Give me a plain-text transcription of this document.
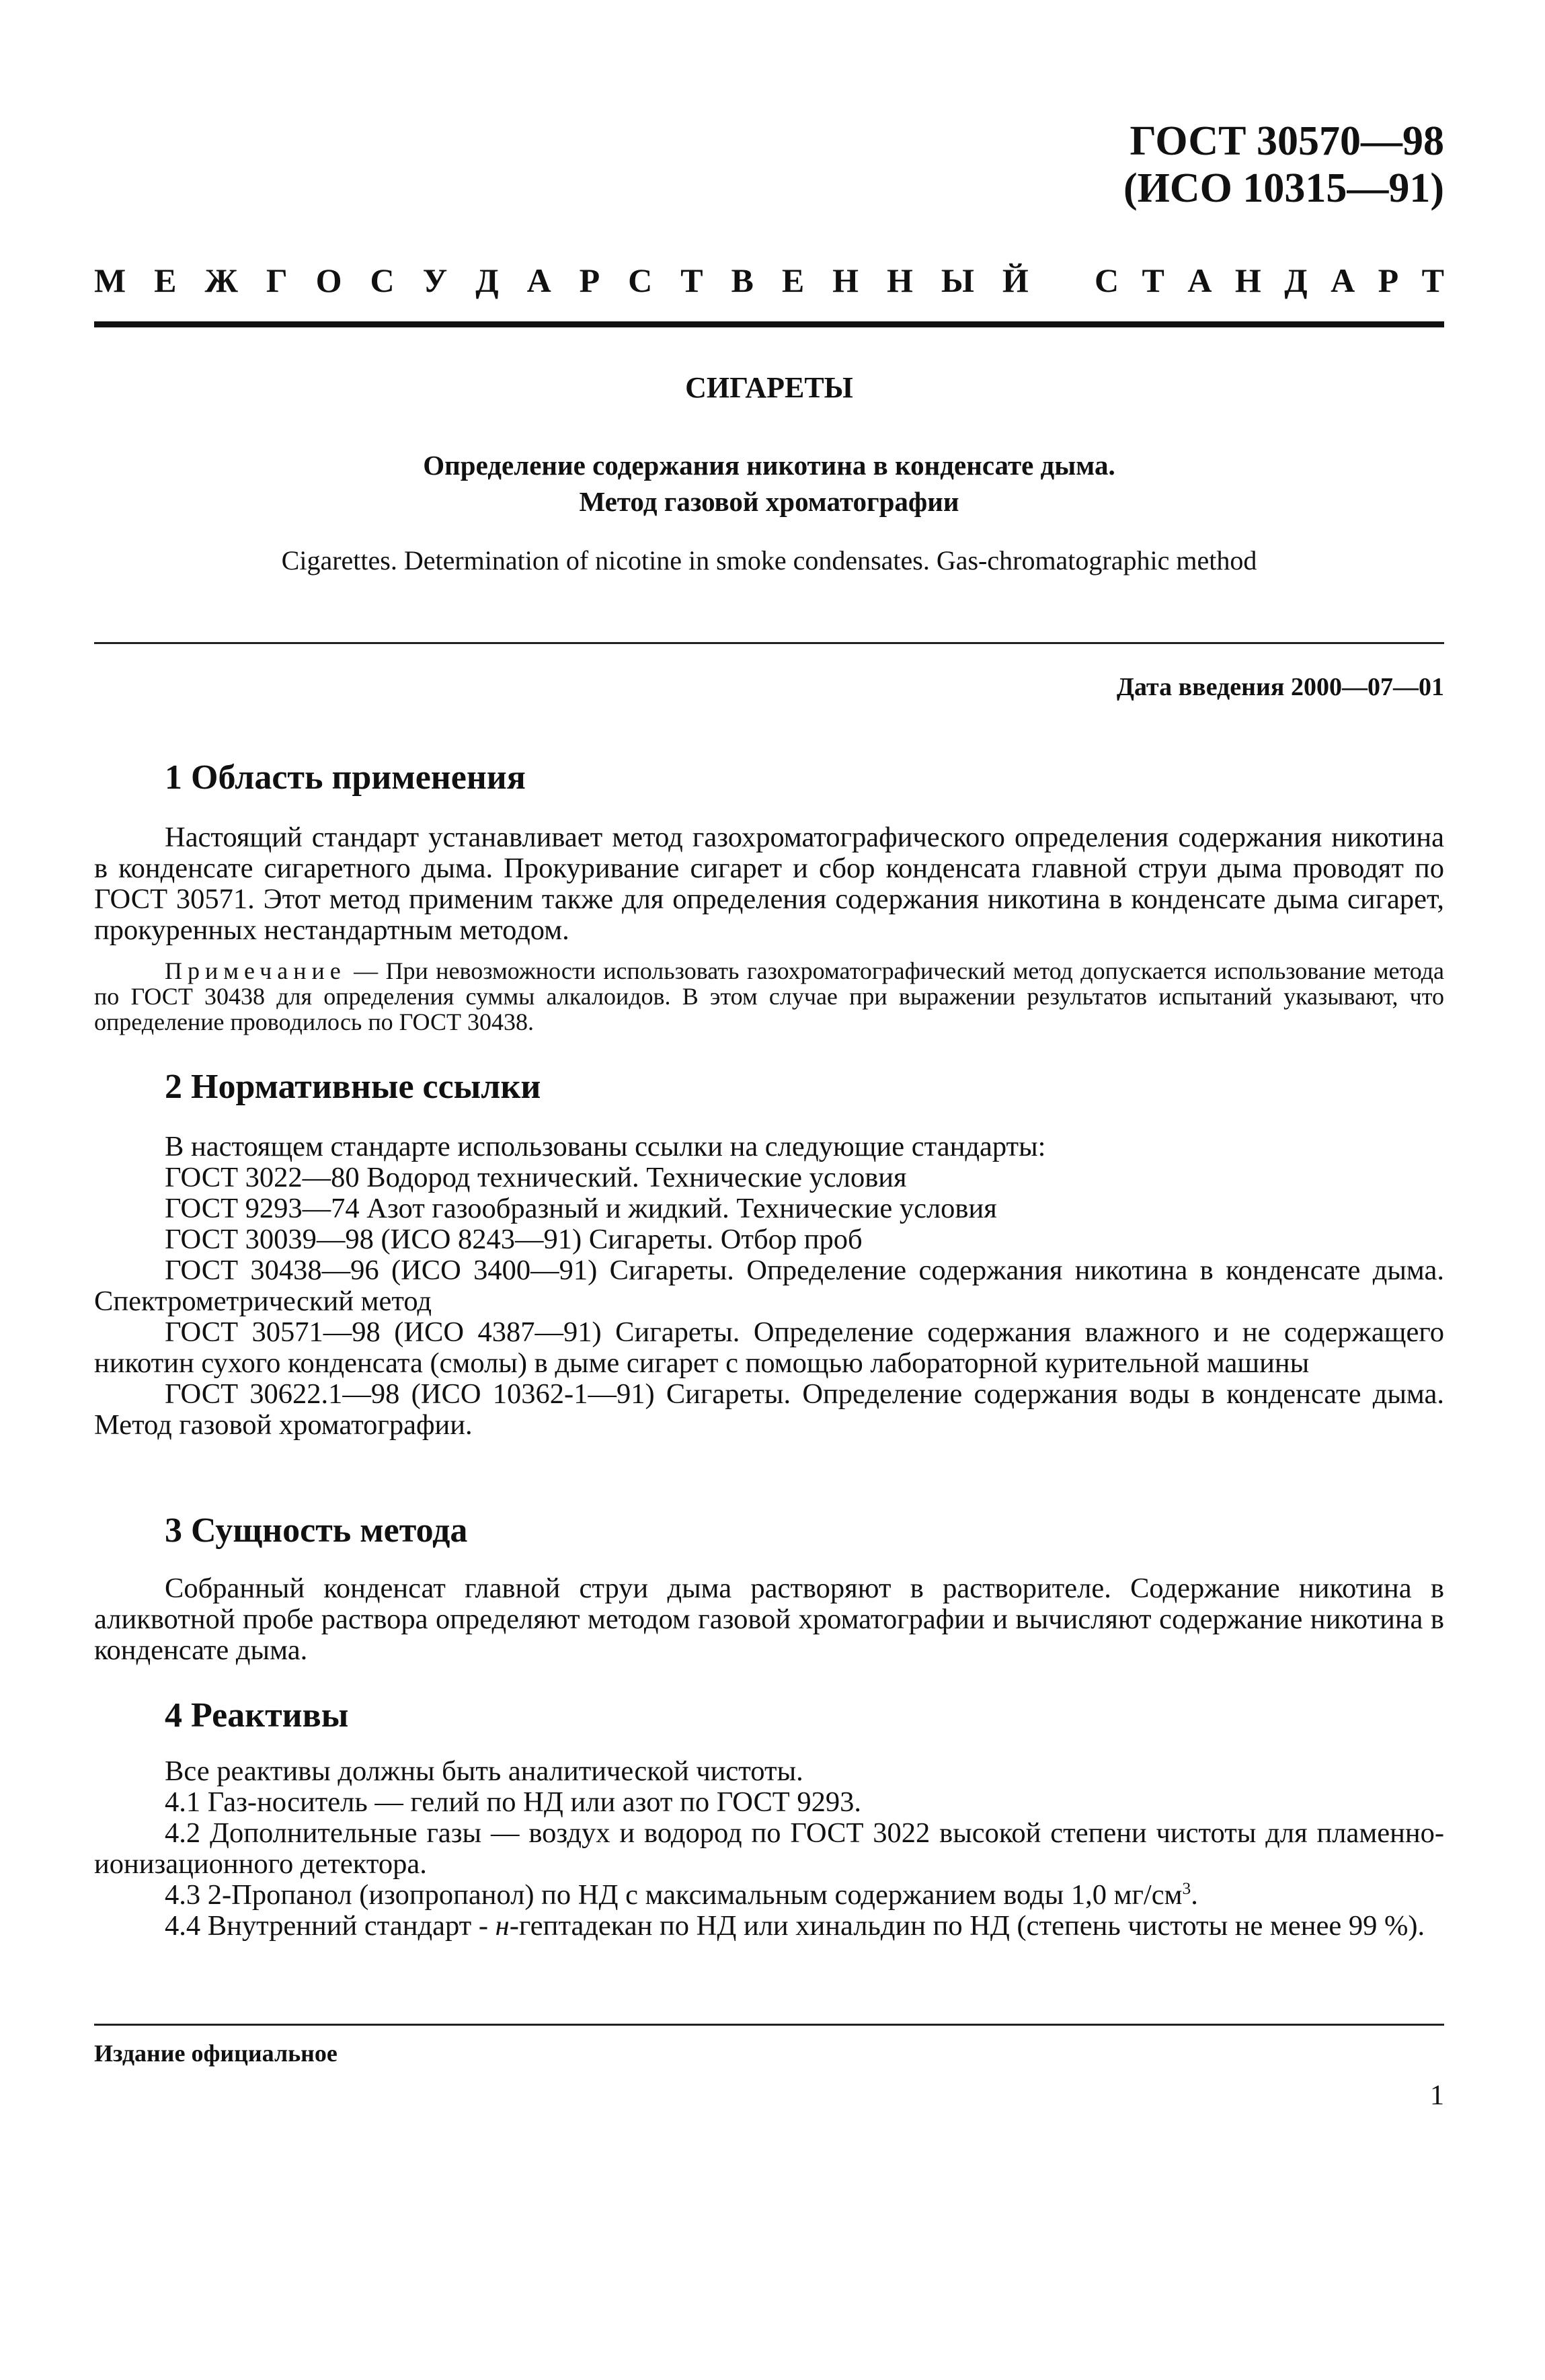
ГОСТ 30570—98
(ИСО 10315—91)
М Е Ж Г О С У Д А Р С Т В Е Н Н Ы Й С Т А Н Д А Р Т
СИГАРЕТЫ
Определение содержания никотина в конденсате дыма.
Метод газовой хроматографии
Cigarettes. Determination of nicotine in smoke condensates. Gas-chromatographic method
Дата введения 2000—07—01
1 Область применения

Настоящий стандарт устанавливает метод газохроматографического определения содержания никотина в конденсате сигаретного дыма. Прокуривание сигарет и сбор конденсата главной струи дыма проводят по ГОСТ 30571. Этот метод применим также для определения содержания никотина в конденсате дыма сигарет, прокуренных нестандартным методом.

Примечание — При невозможности использовать газохроматографический метод допускается использование метода по ГОСТ 30438 для определения суммы алкалоидов. В этом случае при выражении результатов испытаний указывают, что определение проводилось по ГОСТ 30438.
2 Нормативные ссылки

В настоящем стандарте использованы ссылки на следующие стандарты:

ГОСТ 3022—80 Водород технический. Технические условия

ГОСТ 9293—74 Азот газообразный и жидкий. Технические условия

ГОСТ 30039—98 (ИСО 8243—91) Сигареты. Отбор проб

ГОСТ 30438—96 (ИСО 3400—91) Сигареты. Определение содержания никотина в конденсате дыма. Спектрометрический метод

ГОСТ 30571—98 (ИСО 4387—91) Сигареты. Определение содержания влажного и не содержащего никотин сухого конденсата (смолы) в дыме сигарет с помощью лабораторной курительной машины

ГОСТ 30622.1—98 (ИСО 10362-1—91) Сигареты. Определение содержания воды в конденсате дыма. Метод газовой хроматографии.

3 Сущность метода

Собранный конденсат главной струи дыма растворяют в растворителе. Содержание никотина в аликвотной пробе раствора определяют методом газовой хроматографии и вычисляют содержание никотина в конденсате дыма.

4 Реактивы

Все реактивы должны быть аналитической чистоты.

4.1 Газ-носитель — гелий по НД или азот по ГОСТ 9293.

4.2 Дополнительные газы — воздух и водород по ГОСТ 3022 высокой степени чистоты для пламенно-ионизационного детектора.

4.3 2-Пропанол (изопропанол) по НД с максимальным содержанием воды 1,0 $мг/см^3$.

4.4 Внутренний стандарт - н-гептадекан по НД или хинальдин по НД (степень чистоты не менее 99 %).

Издание официальное
1
